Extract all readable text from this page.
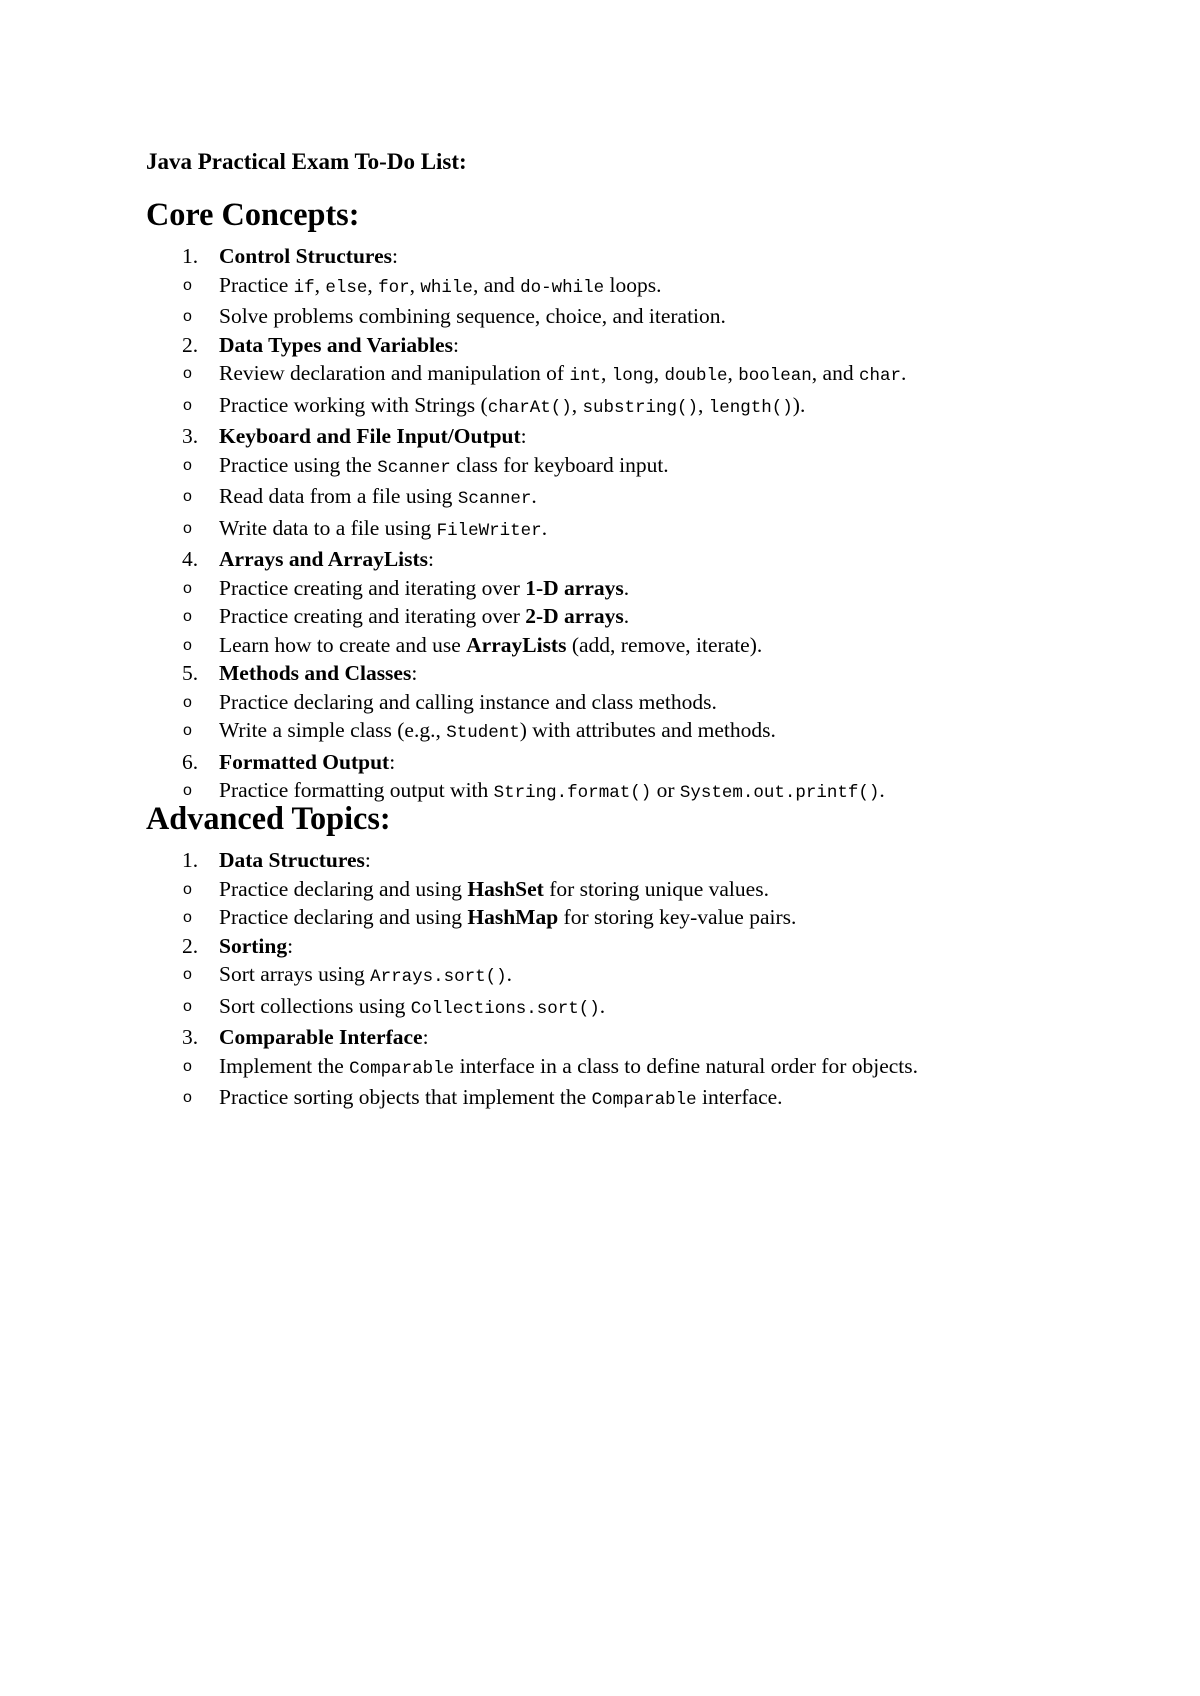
Java Practical Exam To-Do List:
Core Concepts:
1. Control Structures:
o Practice if, else, for, while, and do-while loops.
o Solve problems combining sequence, choice, and iteration.
2. Data Types and Variables:
o Review declaration and manipulation of int, long, double, boolean, and char.
o Practice working with Strings (charAt(), substring(), length()).
3. Keyboard and File Input/Output:
o Practice using the Scanner class for keyboard input.
o Read data from a file using Scanner.
o Write data to a file using FileWriter.
4. Arrays and ArrayLists:
o Practice creating and iterating over 1-D arrays.
o Practice creating and iterating over 2-D arrays.
o Learn how to create and use ArrayLists (add, remove, iterate).
5. Methods and Classes:
o Practice declaring and calling instance and class methods.
o Write a simple class (e.g., Student) with attributes and methods.
6. Formatted Output:
o Practice formatting output with String.format() or System.out.printf().
Advanced Topics:
1. Data Structures:
o Practice declaring and using HashSet for storing unique values.
o Practice declaring and using HashMap for storing key-value pairs.
2. Sorting:
o Sort arrays using Arrays.sort().
o Sort collections using Collections.sort().
3. Comparable Interface:
o Implement the Comparable interface in a class to define natural order for objects.
o Practice sorting objects that implement the Comparable interface.
